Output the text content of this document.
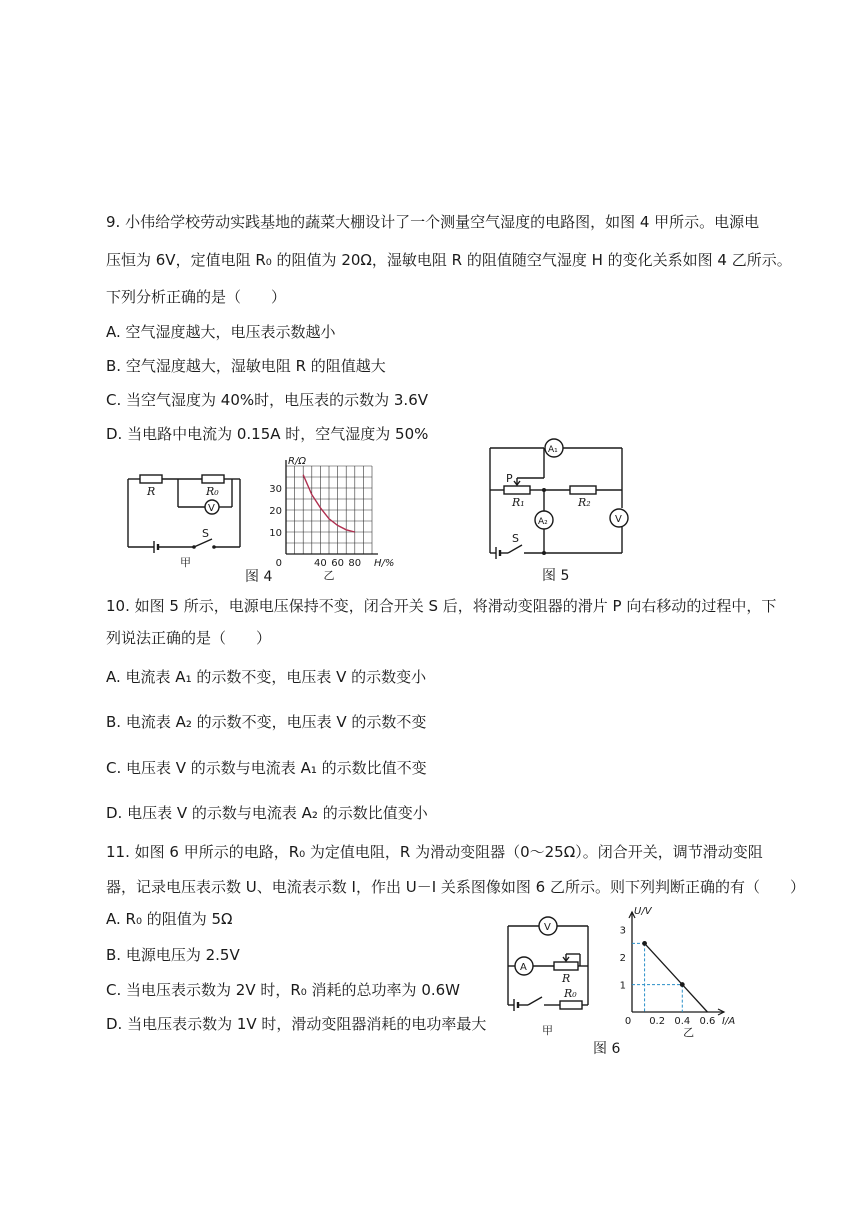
9. 小伟给学校劳动实践基地的蔬菜大棚设计了一个测量空气湿度的电路图，如图 4 甲所示。电源电
压恒为 6V，定值电阻 R₀ 的阻值为 20Ω，湿敏电阻 R 的阻值随空气湿度 H 的变化关系如图 4 乙所示。
下列分析正确的是（　　）
A. 空气湿度越大，电压表示数越小
B. 空气湿度越大，湿敏电阻 R 的阻值越大
C. 当空气湿度为 40%时，电压表的示数为 3.6V
D. 当电路中电流为 0.15A 时，空气湿度为 50%
R	R₀
V
S
甲
30
20
10
0	40 60 80 H/%
R/Ω
乙
图 4
A₁
A₂	V
P
R₁	R₂
S
图 5
10. 如图 5 所示，电源电压保持不变，闭合开关 S 后，将滑动变阻器的滑片 P 向右移动的过程中，下
列说法正确的是（　　）
A. 电流表 A₁ 的示数不变，电压表 V 的示数变小
B. 电流表 A₂ 的示数不变，电压表 V 的示数不变
C. 电压表 V 的示数与电流表 A₁ 的示数比值不变
D. 电压表 V 的示数与电流表 A₂ 的示数比值变小
11. 如图 6 甲所示的电路，R₀ 为定值电阻，R 为滑动变阻器（0～25Ω）。闭合开关，调节滑动变阻
器，记录电压表示数 U、电流表示数 I，作出 U－I 关系图像如图 6 乙所示。则下列判断正确的有（　　）
A. R₀ 的阻值为 5Ω
B. 电源电压为 2.5V
C. 当电压表示数为 2V 时，R₀ 消耗的总功率为 0.6W
D. 当电压表示数为 1V 时，滑动变阻器消耗的电功率最大
V
A
R
R₀
甲
3
2
1
0 0.2 0.4 0.6 I/A
U/V
乙
图 6
